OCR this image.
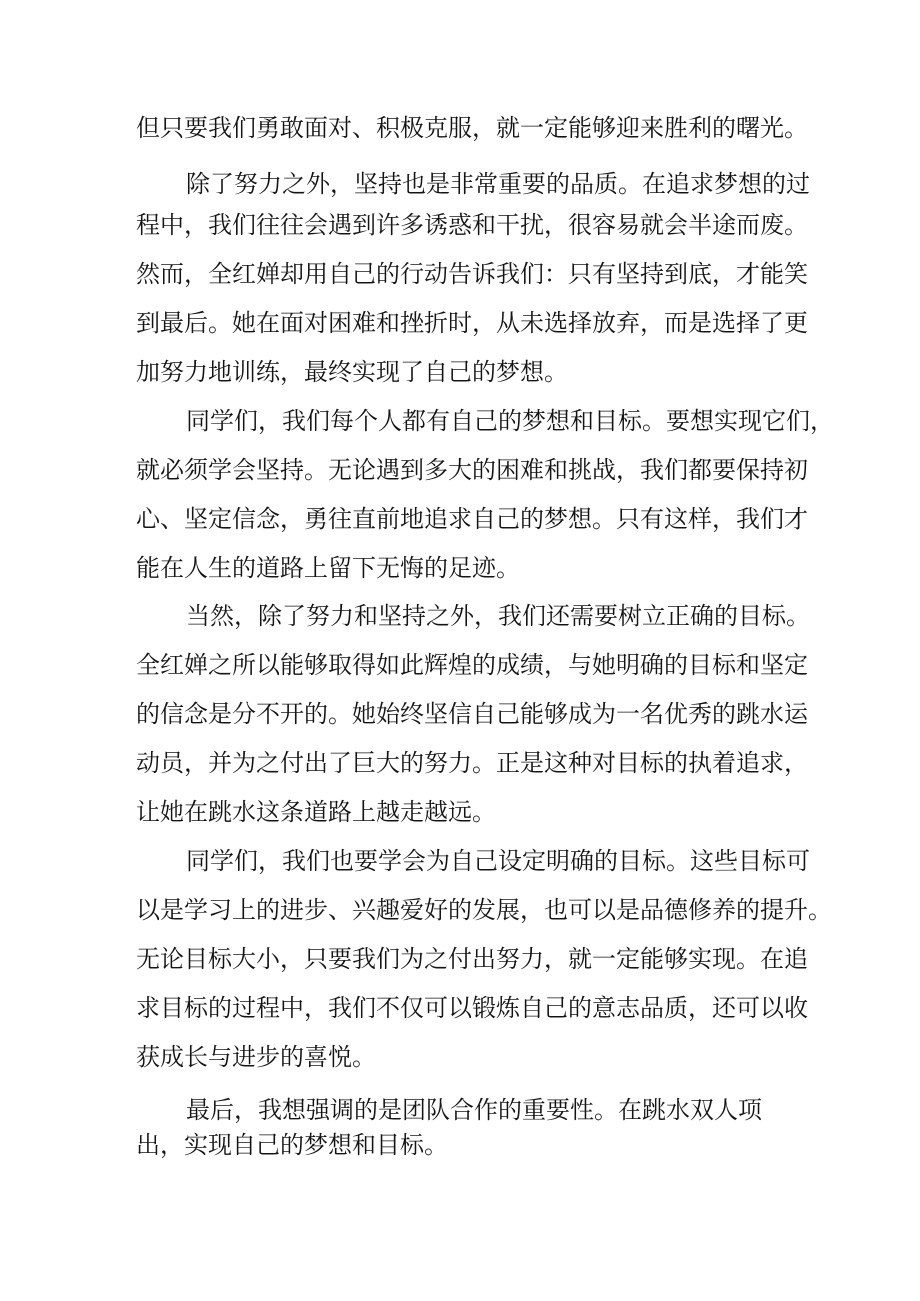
但只要我们勇敢面对、积极克服，就一定能够迎来胜利的曙光。

除了努力之外，坚持也是非常重要的品质。在追求梦想的过

程中，我们往往会遇到许多诱惑和干扰，很容易就会半途而废。

然而，全红婵却用自己的行动告诉我们：只有坚持到底，才能笑

到最后。她在面对困难和挫折时，从未选择放弃，而是选择了更

加努力地训练，最终实现了自己的梦想。

同学们，我们每个人都有自己的梦想和目标。要想实现它们，

就必须学会坚持。无论遇到多大的困难和挑战，我们都要保持初

心、坚定信念，勇往直前地追求自己的梦想。只有这样，我们才

能在人生的道路上留下无悔的足迹。

当然，除了努力和坚持之外，我们还需要树立正确的目标。

全红婵之所以能够取得如此辉煌的成绩，与她明确的目标和坚定

的信念是分不开的。她始终坚信自己能够成为一名优秀的跳水运

动员，并为之付出了巨大的努力。正是这种对目标的执着追求，

让她在跳水这条道路上越走越远。

同学们，我们也要学会为自己设定明确的目标。这些目标可

以是学习上的进步、兴趣爱好的发展，也可以是品德修养的提升。

无论目标大小，只要我们为之付出努力，就一定能够实现。在追

求目标的过程中，我们不仅可以锻炼自己的意志品质，还可以收

获成长与进步的喜悦。

最后，我想强调的是团队合作的重要性。在跳水双人项

出，实现自己的梦想和目标。
